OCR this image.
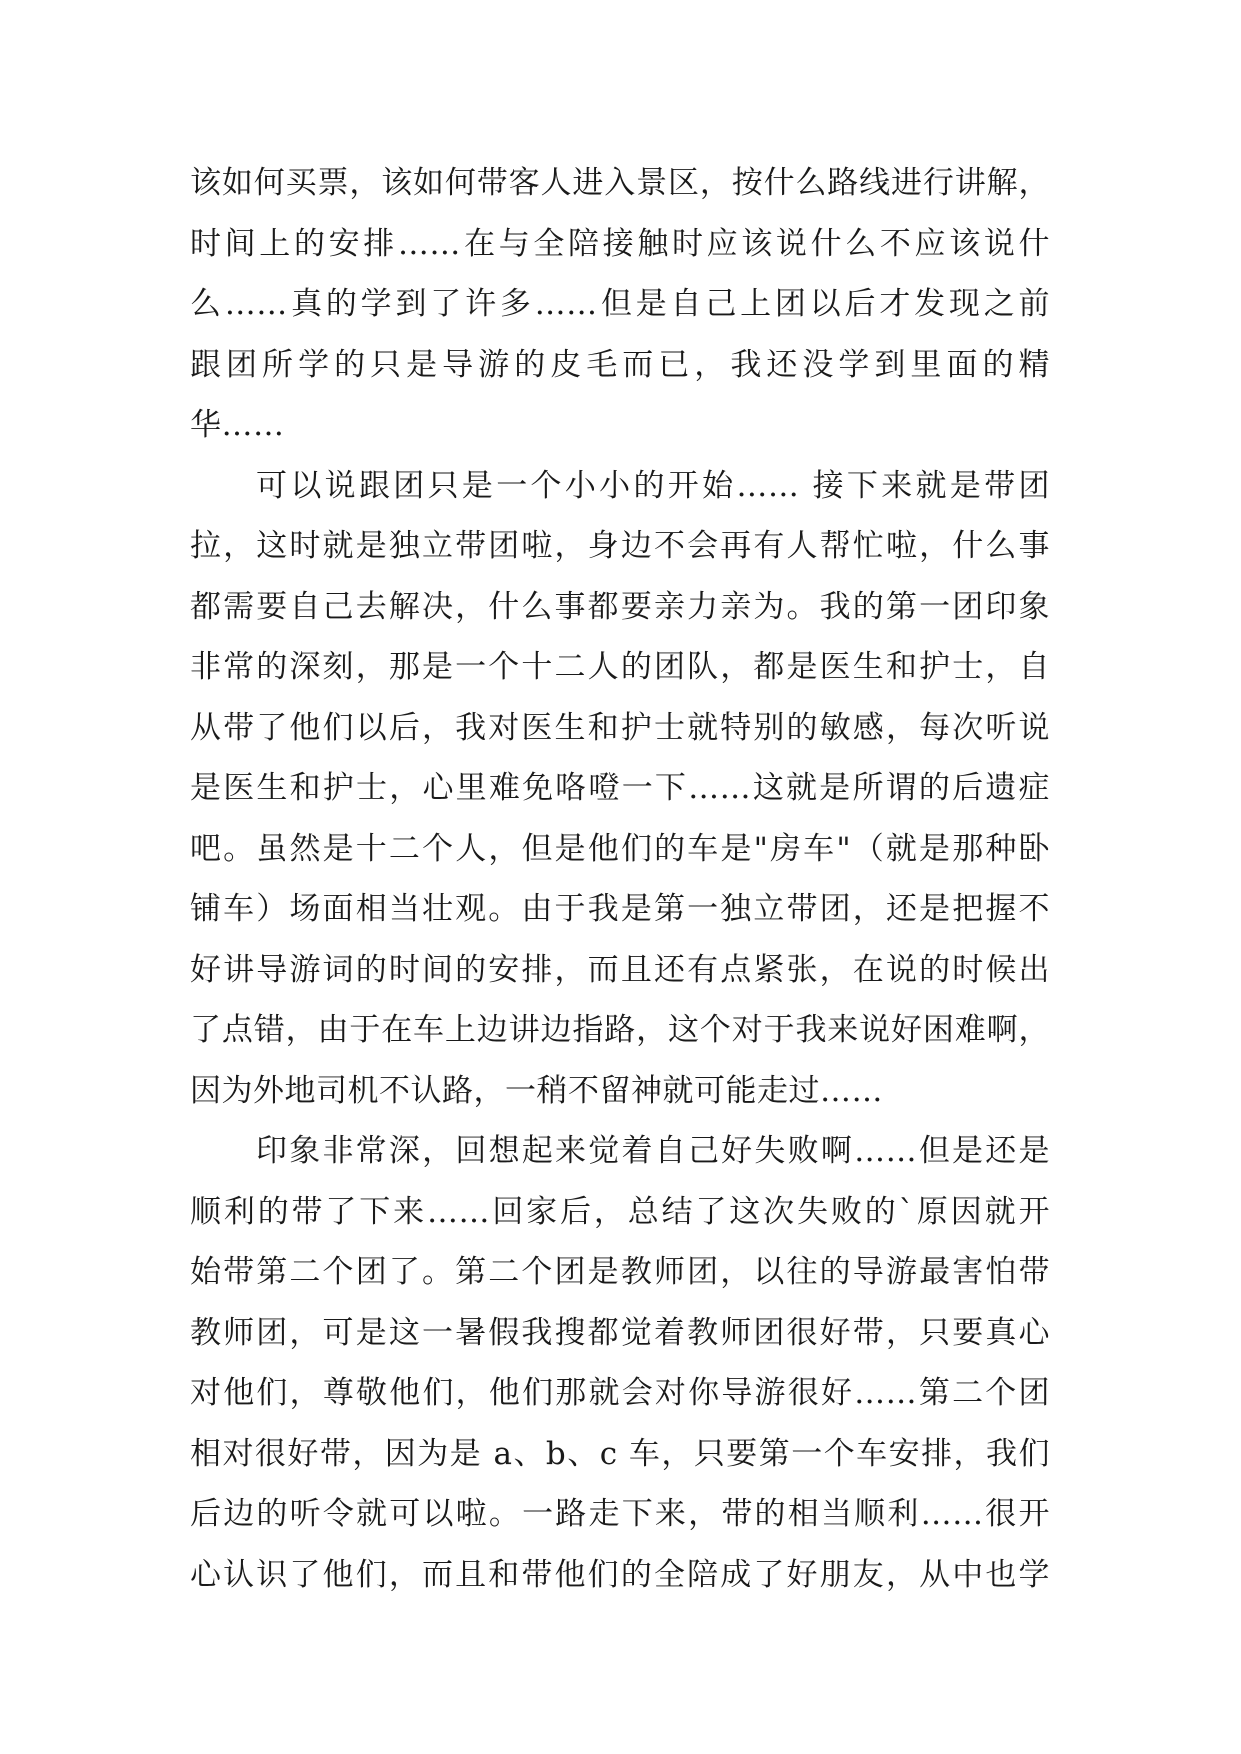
该如何买票，该如何带客人进入景区，按什么路线进行讲解，
时间上的安排……在与全陪接触时应该说什么不应该说什
么……真的学到了许多……但是自己上团以后才发现之前
跟团所学的只是导游的皮毛而已，我还没学到里面的精
华……
可以说跟团只是一个小小的开始…… 接下来就是带团
拉，这时就是独立带团啦，身边不会再有人帮忙啦，什么事
都需要自己去解决，什么事都要亲力亲为。我的第一团印象
非常的深刻，那是一个十二人的团队，都是医生和护士，自
从带了他们以后，我对医生和护士就特别的敏感，每次听说
是医生和护士，心里难免咯噔一下……这就是所谓的后遗症
吧。虽然是十二个人，但是他们的车是"房车"（就是那种卧
铺车）场面相当壮观。由于我是第一独立带团，还是把握不
好讲导游词的时间的安排，而且还有点紧张，在说的时候出
了点错，由于在车上边讲边指路，这个对于我来说好困难啊，
因为外地司机不认路，一稍不留神就可能走过……
印象非常深，回想起来觉着自己好失败啊……但是还是
顺利的带了下来……回家后，总结了这次失败的`原因就开
始带第二个团了。第二个团是教师团，以往的导游最害怕带
教师团，可是这一暑假我搜都觉着教师团很好带，只要真心
对他们，尊敬他们，他们那就会对你导游很好……第二个团
相对很好带，因为是 a、b、c 车，只要第一个车安排，我们
后边的听令就可以啦。一路走下来，带的相当顺利……很开
心认识了他们，而且和带他们的全陪成了好朋友，从中也学
